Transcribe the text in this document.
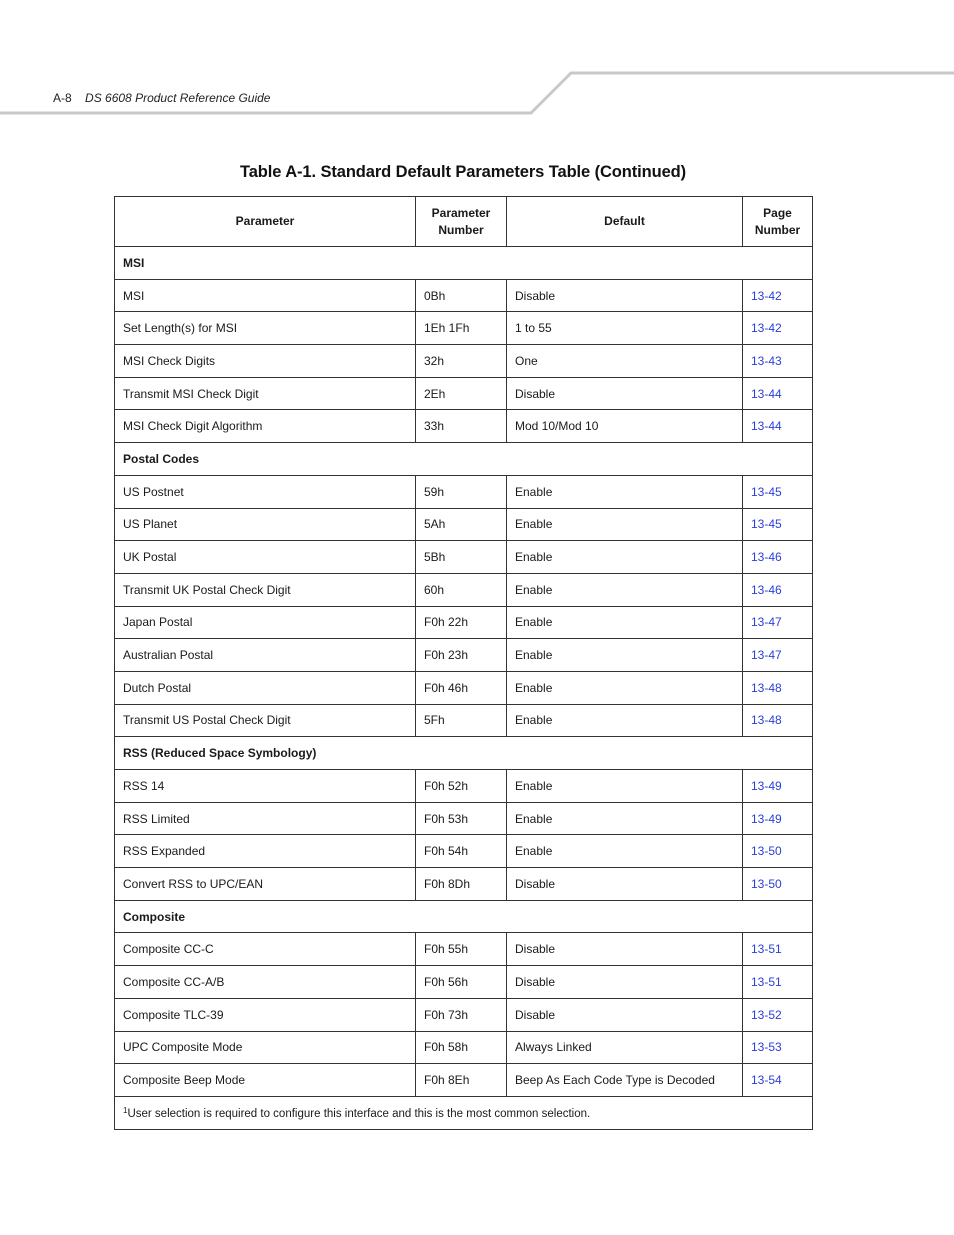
A-8 DS 6608 Product Reference Guide
Table A-1. Standard Default Parameters Table (Continued)
Parameter	Parameter Number	Default	Page Number
MSI			
MSI	0Bh	Disable	13-42
Set Length(s) for MSI	1Eh 1Fh	1 to 55	13-42
MSI Check Digits	32h	One	13-43
Transmit MSI Check Digit	2Eh	Disable	13-44
MSI Check Digit Algorithm	33h	Mod 10/Mod 10	13-44
Postal Codes			
US Postnet	59h	Enable	13-45
US Planet	5Ah	Enable	13-45
UK Postal	5Bh	Enable	13-46
Transmit UK Postal Check Digit	60h	Enable	13-46
Japan Postal	F0h 22h	Enable	13-47
Australian Postal	F0h 23h	Enable	13-47
Dutch Postal	F0h 46h	Enable	13-48
Transmit US Postal Check Digit	5Fh	Enable	13-48
RSS (Reduced Space Symbology)			
RSS 14	F0h 52h	Enable	13-49
RSS Limited	F0h 53h	Enable	13-49
RSS Expanded	F0h 54h	Enable	13-50
Convert RSS to UPC/EAN	F0h 8Dh	Disable	13-50
Composite			
Composite CC-C	F0h 55h	Disable	13-51
Composite CC-A/B	F0h 56h	Disable	13-51
Composite TLC-39	F0h 73h	Disable	13-52
UPC Composite Mode	F0h 58h	Always Linked	13-53
Composite Beep Mode	F0h 8Eh	Beep As Each Code Type is Decoded	13-54
$^1$User selection is required to configure this interface and this is the most common selection.			
